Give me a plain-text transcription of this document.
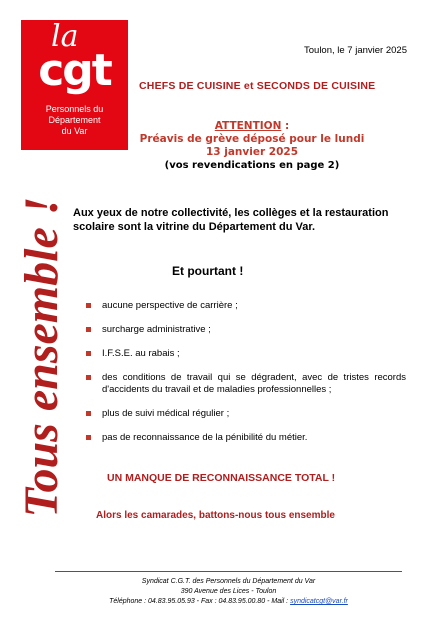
la
cgt
Personnels du
Département
du Var
Toulon, le 7 janvier 2025
CHEFS DE CUISINE et SECONDS DE CUISINE
ATTENTION :
Préavis de grève déposé pour le lundi 13 janvier 2025
(vos revendications en page 2)
Tous ensemble ! Aux yeux de notre collectivité, les collèges et la restauration scolaire sont la vitrine du Département du Var.
Et pourtant !
aucune perspective de carrière ;
surcharge administrative ;
I.F.S.E. au rabais ;
des conditions de travail qui se dégradent, avec de tristes records d'accidents du travail et de maladies professionnelles ;
plus de suivi médical régulier ;
pas de reconnaissance de la pénibilité du métier.
UN MANQUE DE RECONNAISSANCE TOTAL !
Alors les camarades, battons-nous tous ensemble
Syndicat C.G.T. des Personnels du Département du Var
390 Avenue des Lices - Toulon
Téléphone : 04.83.95.05.93 - Fax : 04.83.95.00.80 - Mail : syndicatcgt@var.fr
